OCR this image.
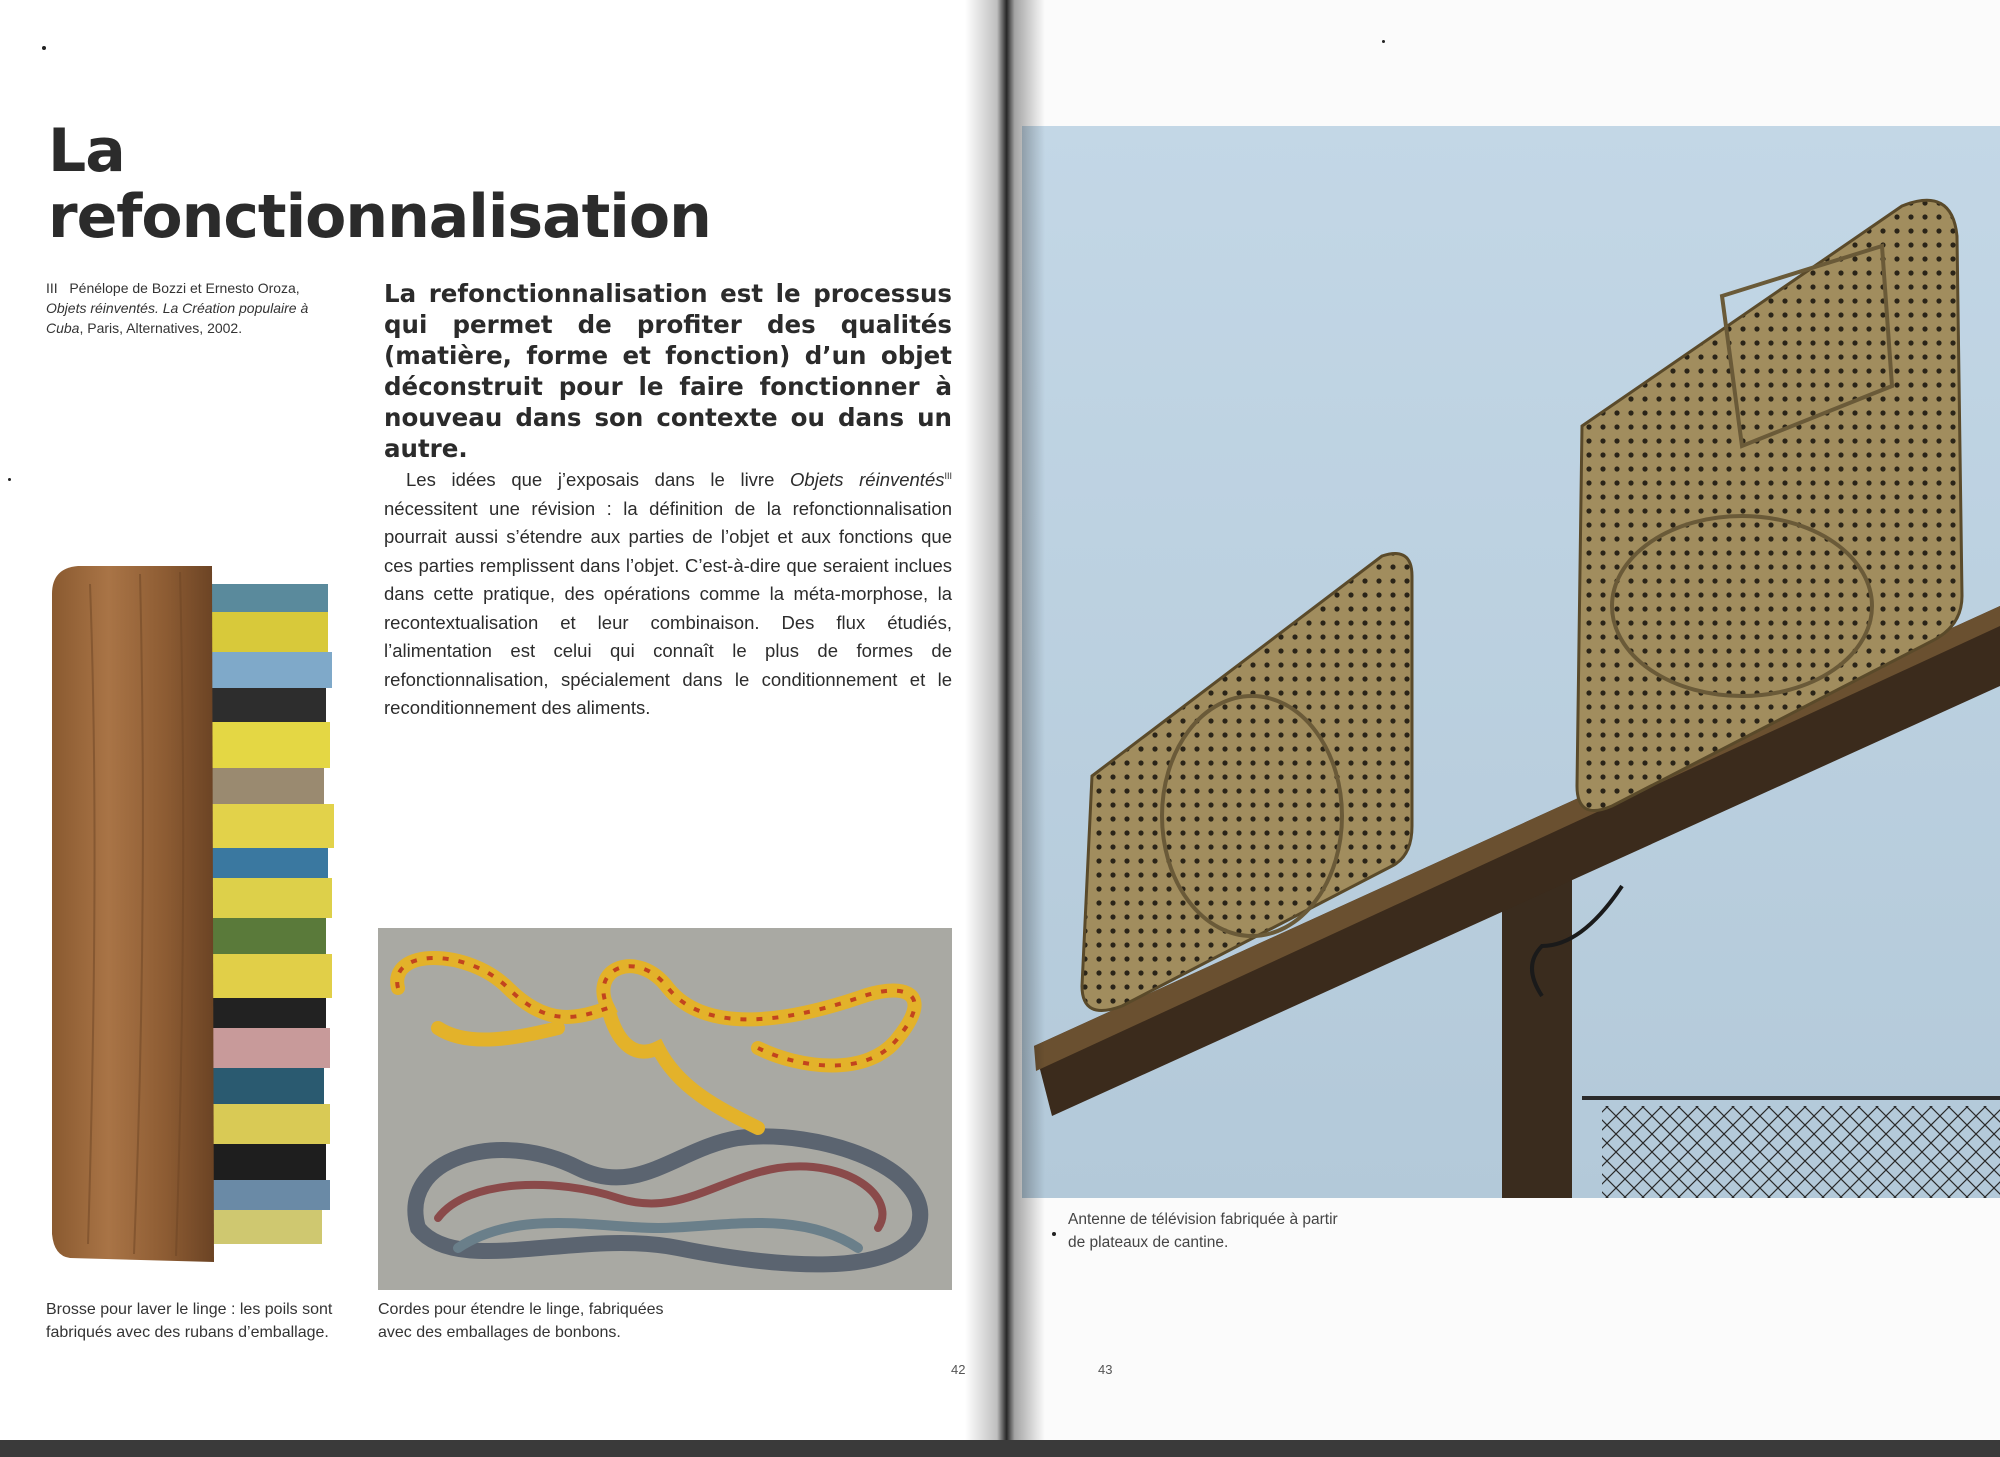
La
refonctionnalisation
III Pénélope de Bozzi et Ernesto Oroza, Objets réinventés. La Création populaire à Cuba, Paris, Alternatives, 2002.
La refonctionnalisation est le processus qui permet de profiter des qualités (matière, forme et fonction) d’un objet déconstruit pour le faire fonctionner à nouveau dans son contexte ou dans un autre.
Les idées que j’exposais dans le livre Objets réinventés$^{III}$ nécessitent une révision : la définition de la refonctionnalisation pourrait aussi s’étendre aux parties de l’objet et aux fonctions que ces parties remplissent dans l’objet. C’est-à-dire que seraient inclues dans cette pratique, des opérations comme la méta-morphose, la recontextualisation et leur combinaison. Des flux étudiés, l’alimentation est celui qui connaît le plus de formes de refonctionnalisation, spécialement dans le conditionnement et le reconditionnement des aliments.
Brosse pour laver le linge : les poils sont
fabriqués avec des rubans d’emballage.
Cordes pour étendre le linge, fabriquées
avec des emballages de bonbons.
42
Antenne de télévision fabriquée à partir
de plateaux de cantine.
43
